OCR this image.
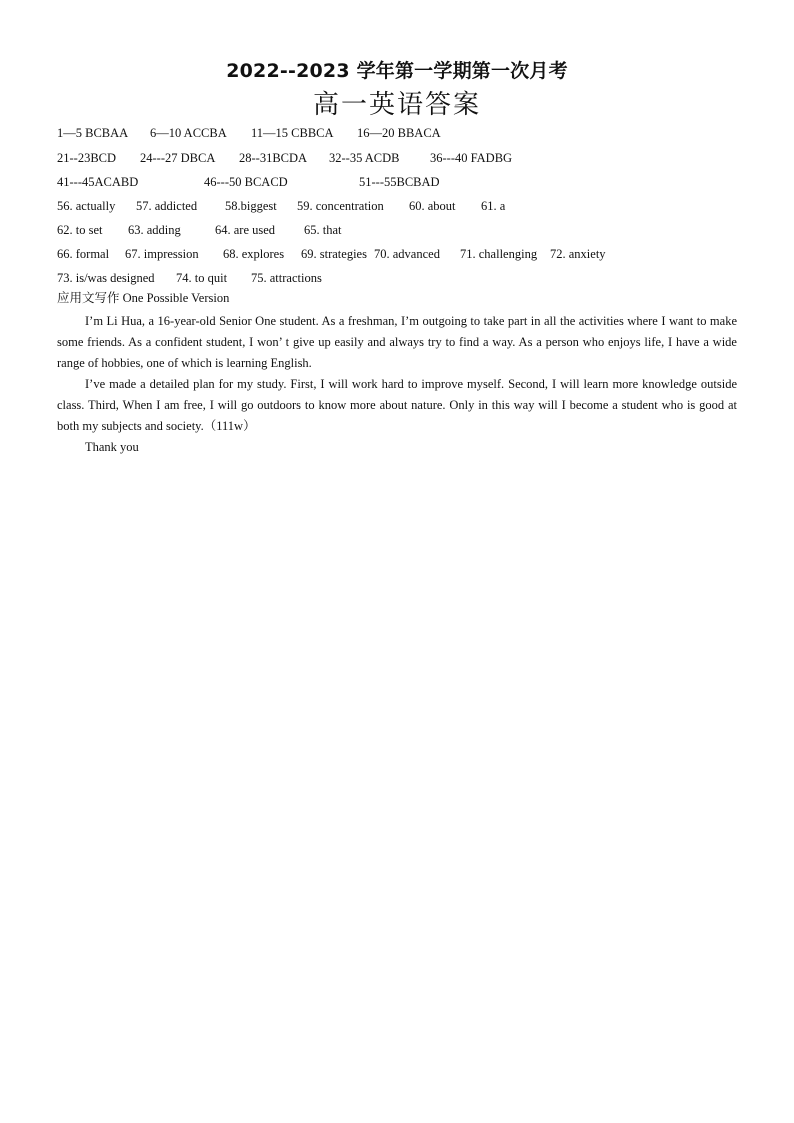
2022--2023 学年第一学期第一次月考
高一英语答案
1—5 BCBAA 6—10 ACCBA 11—15 CBBCA 16—20 BBACA
21--23BCD 24---27 DBCA 28--31BCDA 32--35 ACDB 36---40 FADBG
41---45ACABD	46---50 BCACD	51---55BCBAD
56. actually 57. addicted 58.biggest 59. concentration 60. about 61. a
62. to set 63. adding	64. are used 65. that
66. formal 67. impression 68. explores 69. strategies 70. advanced 71. challenging 72. anxiety
73. is/was designed 74. to quit 75. attractions
应用文写作 One Possible Version

I’m Li Hua, a 16-year-old Senior One student. As a freshman, I’m outgoing to take part in all the activities where I want to make some friends. As a confident student, I won’ t give up easily and always try to find a way. As a person who enjoys life, I have a wide range of hobbies, one of which is learning English.

I’ve made a detailed plan for my study. First, I will work hard to improve myself. Second, I will learn more knowledge outside class. Third, When I am free, I will go outdoors to know more about nature. Only in this way will I become a student who is good at both my subjects and society.（111w）

Thank you
